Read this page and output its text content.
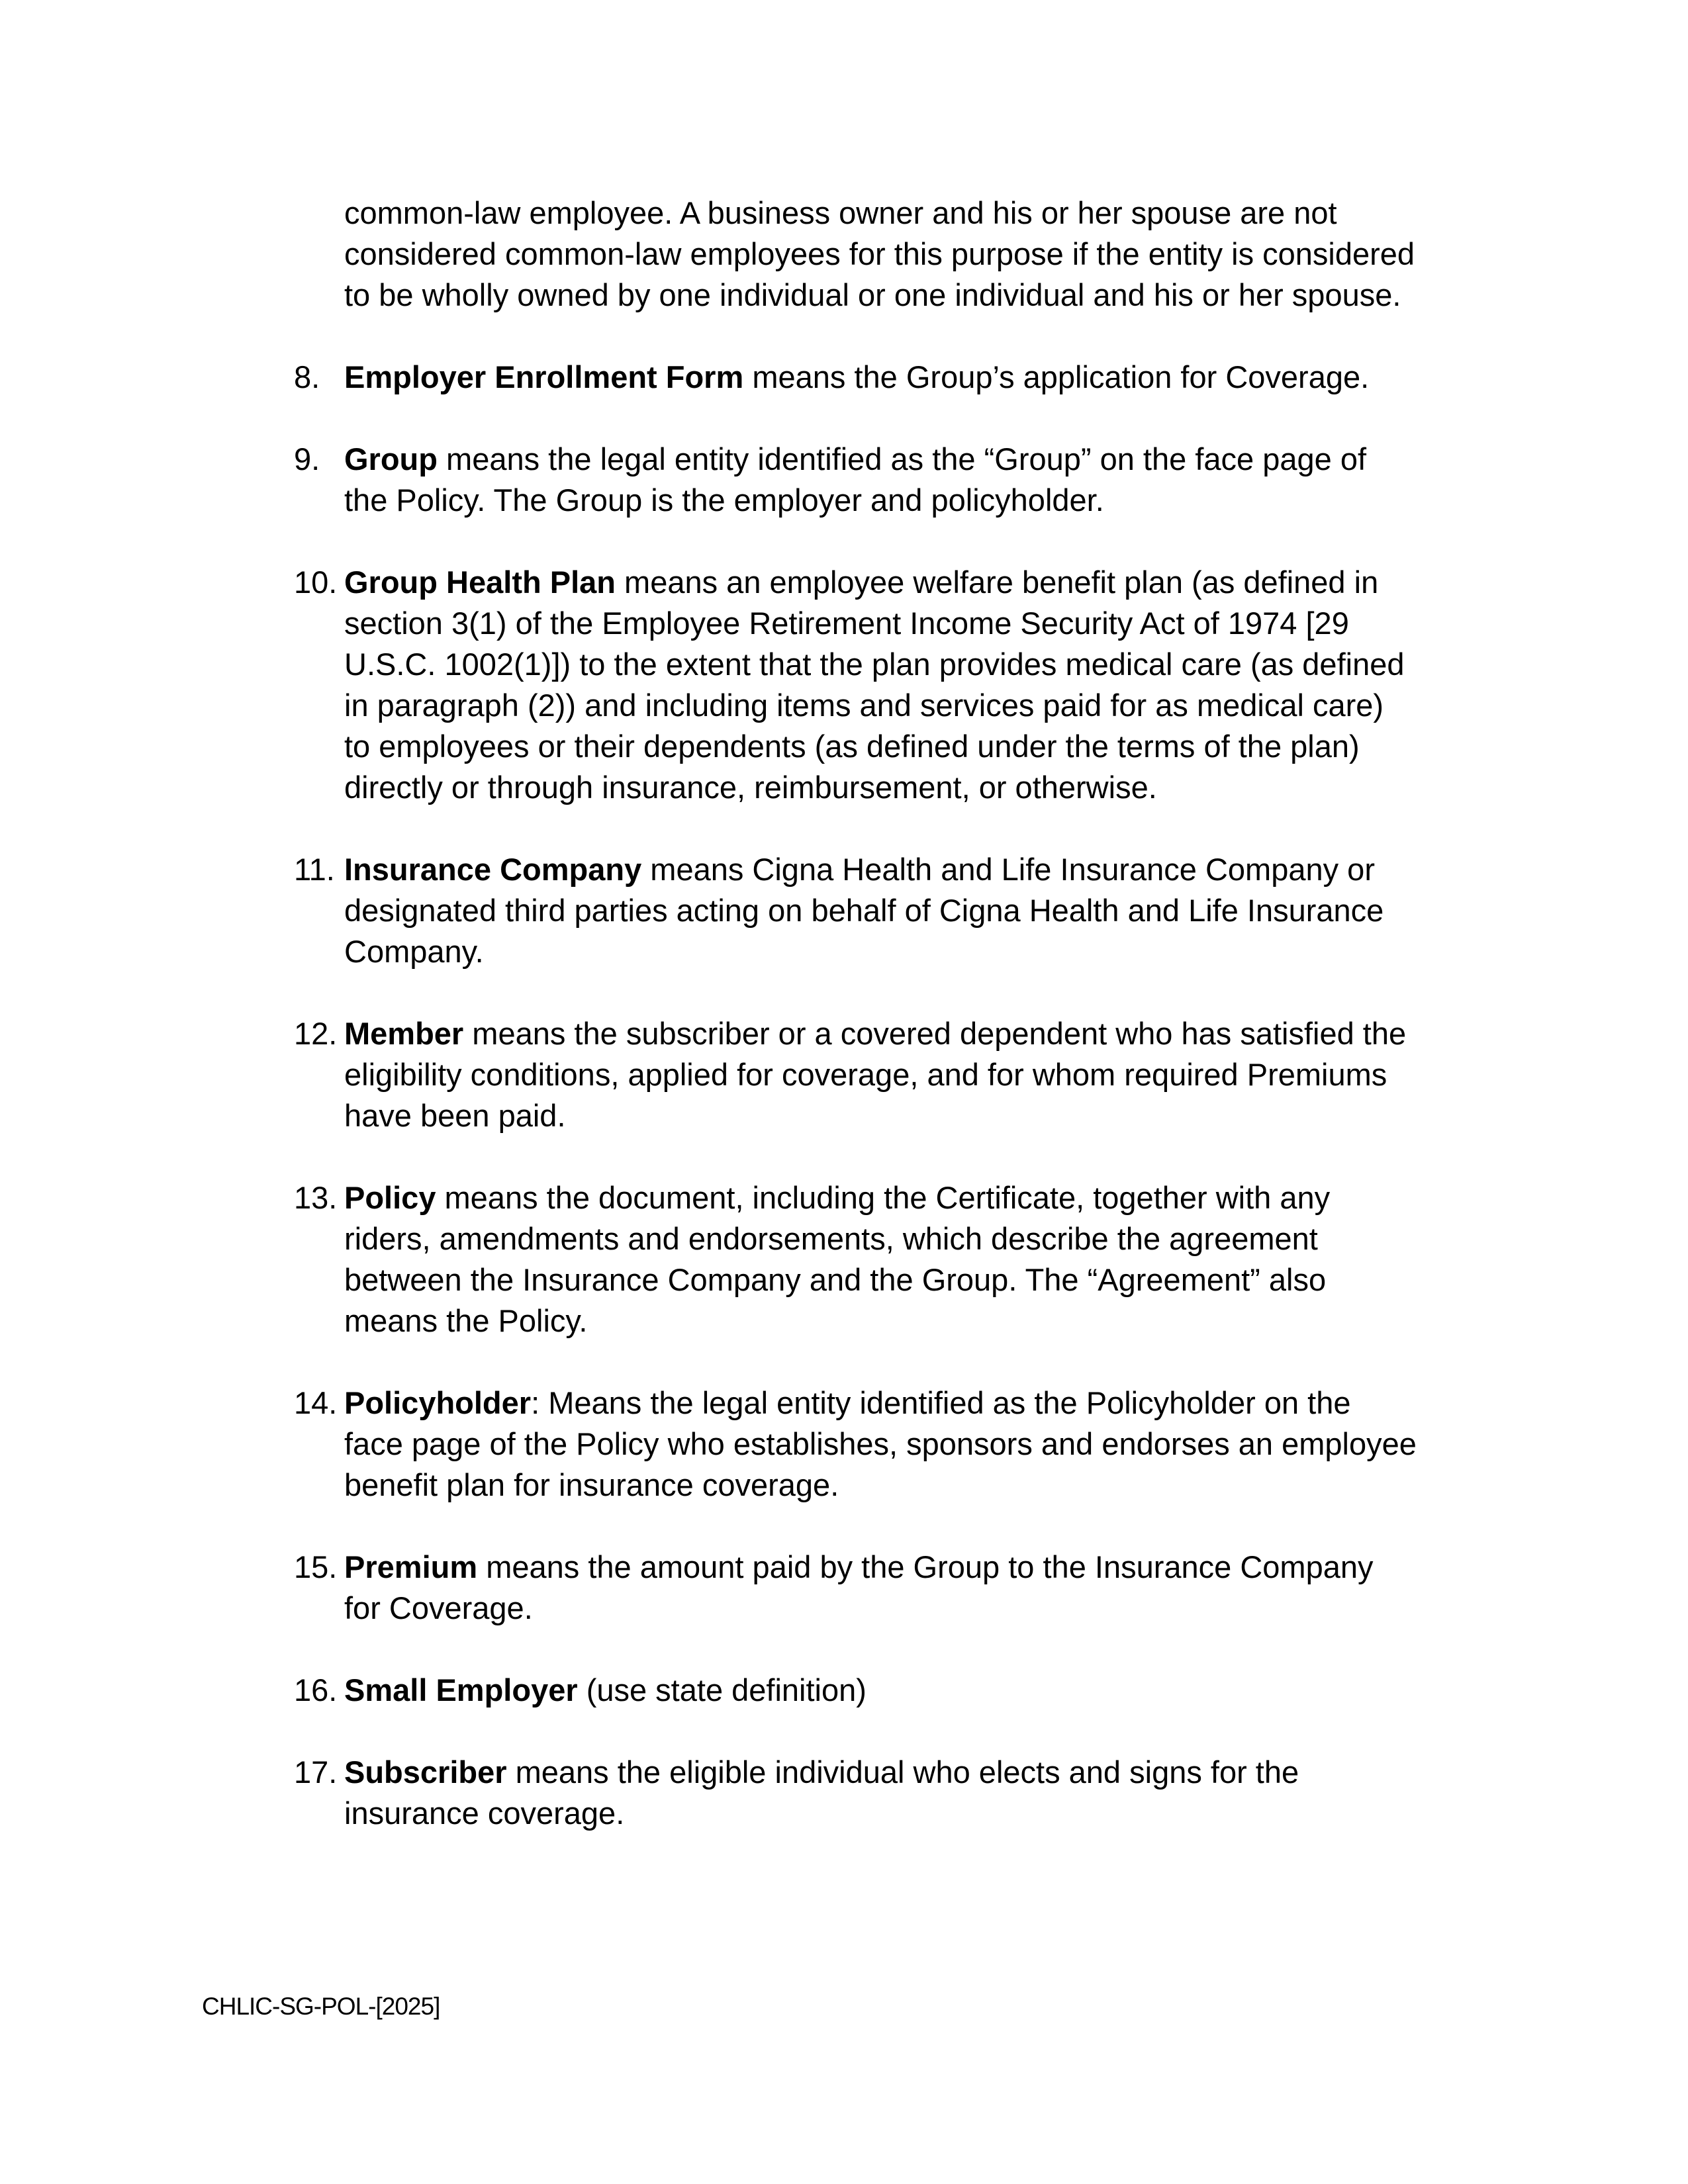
common-law employee. A business owner and his or her spouse are not
considered common-law employees for this purpose if the entity is considered
to be wholly owned by one individual or one individual and his or her spouse.

8. Employer Enrollment Form means the Group’s application for Coverage.
9. Group means the legal entity identified as the “Group” on the face page of
the Policy. The Group is the employer and policyholder.
10. Group Health Plan means an employee welfare benefit plan (as defined in
section 3(1) of the Employee Retirement Income Security Act of 1974 [29
U.S.C. 1002(1)]) to the extent that the plan provides medical care (as defined
in paragraph (2)) and including items and services paid for as medical care)
to employees or their dependents (as defined under the terms of the plan)
directly or through insurance, reimbursement, or otherwise.
11. Insurance Company means Cigna Health and Life Insurance Company or
designated third parties acting on behalf of Cigna Health and Life Insurance
Company.
12. Member means the subscriber or a covered dependent who has satisfied the
eligibility conditions, applied for coverage, and for whom required Premiums
have been paid.
13. Policy means the document, including the Certificate, together with any
riders, amendments and endorsements, which describe the agreement
between the Insurance Company and the Group. The “Agreement” also
means the Policy.
14. Policyholder: Means the legal entity identified as the Policyholder on the
face page of the Policy who establishes, sponsors and endorses an employee
benefit plan for insurance coverage.
15. Premium means the amount paid by the Group to the Insurance Company
for Coverage.
16. Small Employer (use state definition)
17. Subscriber means the eligible individual who elects and signs for the
insurance coverage.
CHLIC-SG-POL-[2025]
